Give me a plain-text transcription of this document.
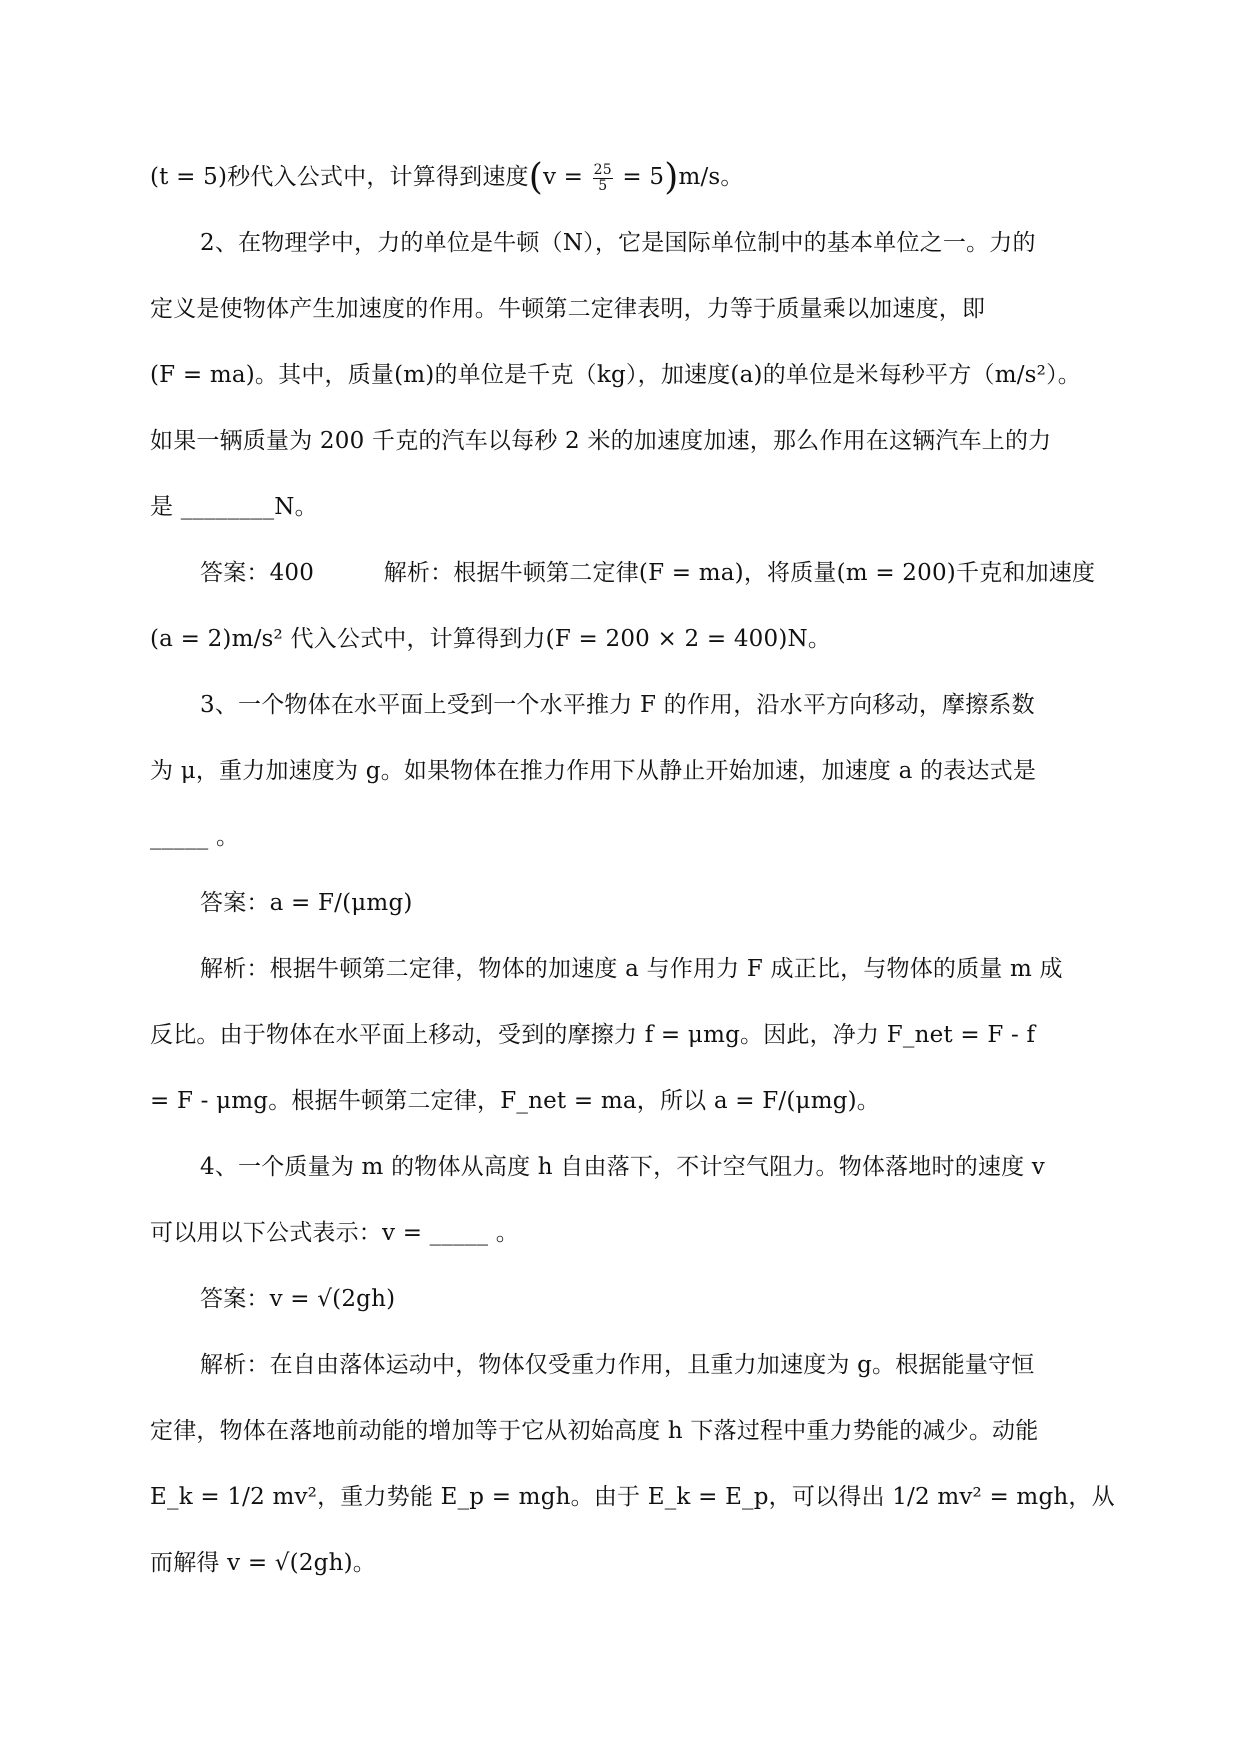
(t = 5)秒代入公式中，计算得到速度$(v = \frac{25}{5} = 5)m/s$。
2、在物理学中，力的单位是牛顿（N），它是国际单位制中的基本单位之一。力的
定义是使物体产生加速度的作用。牛顿第二定律表明，力等于质量乘以加速度，即
(F = ma)。其中，质量(m)的单位是千克（kg），加速度(a)的单位是米每秒平方（m/s²）。
如果一辆质量为 200 千克的汽车以每秒 2 米的加速度加速，那么作用在这辆汽车上的力
是 ________N。
答案：400　　　解析：根据牛顿第二定律(F = ma)，将质量(m = 200)千克和加速度
(a = 2)m/s² 代入公式中，计算得到力(F = 200 × 2 = 400)N。
3、一个物体在水平面上受到一个水平推力 F 的作用，沿水平方向移动，摩擦系数
为 μ，重力加速度为 g。如果物体在推力作用下从静止开始加速，加速度 a 的表达式是
_____ 。
答案：a = F/(μmg)
解析：根据牛顿第二定律，物体的加速度 a 与作用力 F 成正比，与物体的质量 m 成
反比。由于物体在水平面上移动，受到的摩擦力 f = μmg。因此，净力 F_net = F - f
= F - μmg。根据牛顿第二定律，F_net = ma，所以 a = F/(μmg)。
4、一个质量为 m 的物体从高度 h 自由落下，不计空气阻力。物体落地时的速度 v
可以用以下公式表示：v = _____ 。
答案：v = √(2gh)
解析：在自由落体运动中，物体仅受重力作用，且重力加速度为 g。根据能量守恒
定律，物体在落地前动能的增加等于它从初始高度 h 下落过程中重力势能的减少。动能
E_k = 1/2 mv²，重力势能 E_p = mgh。由于 E_k = E_p，可以得出 1/2 mv² = mgh，从
而解得 v = √(2gh)。
